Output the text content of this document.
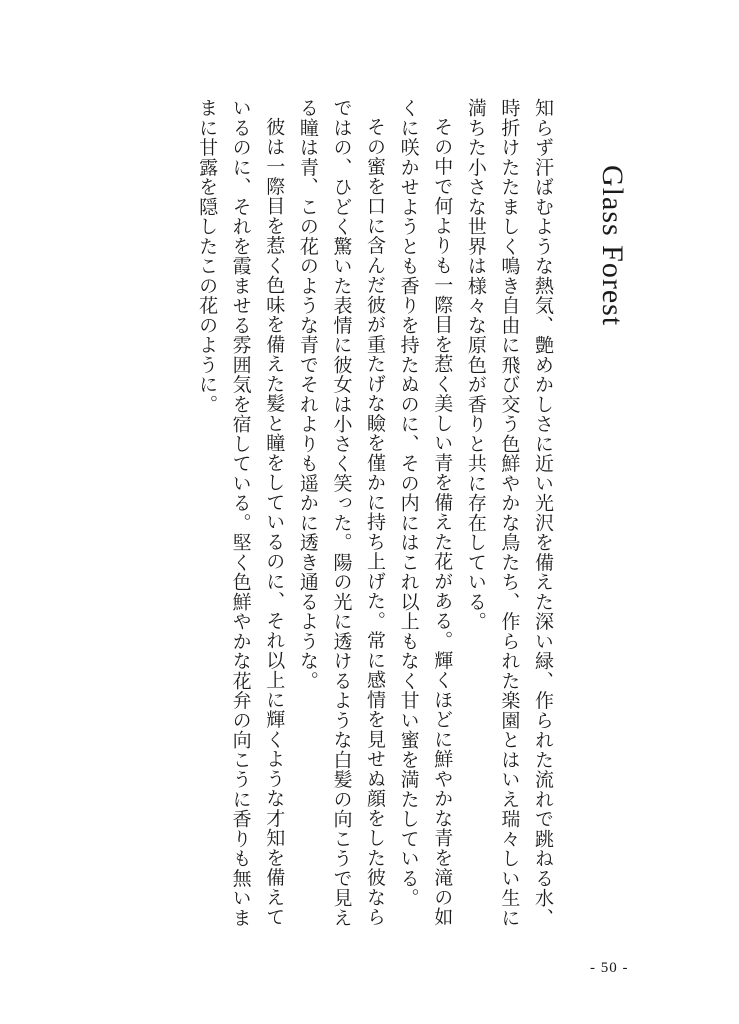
Glass Forest

知らず汗ばむような熱気、艶めかしさに近い光沢を備えた深い緑、作られた流れで跳ねる水、時折けたたましく鳴き自由に飛び交う色鮮やかな鳥たち、作られた楽園とはいえ瑞々しい生に満ちた小さな世界は様々な原色が香りと共に存在している。

その中で何よりも一際目を惹く美しい青を備えた花がある。輝くほどに鮮やかな青を滝の如くに咲かせようとも香りを持たぬのに、その内にはこれ以上もなく甘い蜜を満たしている。

その蜜を口に含んだ彼が重たげな瞼を僅かに持ち上げた。常に感情を見せぬ顔をした彼ならではの、ひどく驚いた表情に彼女は小さく笑った。陽の光に透けるような白髪の向こうで見える瞳は青、この花のような青でそれよりも遥かに透き通るような。

彼は一際目を惹く色味を備えた髪と瞳をしているのに、それ以上に輝くような才知を備えているのに、それを霞ませる雰囲気を宿している。堅く色鮮やかな花弁の向こうに香りも無いままに甘露を隠したこの花のように。

- 50 -
